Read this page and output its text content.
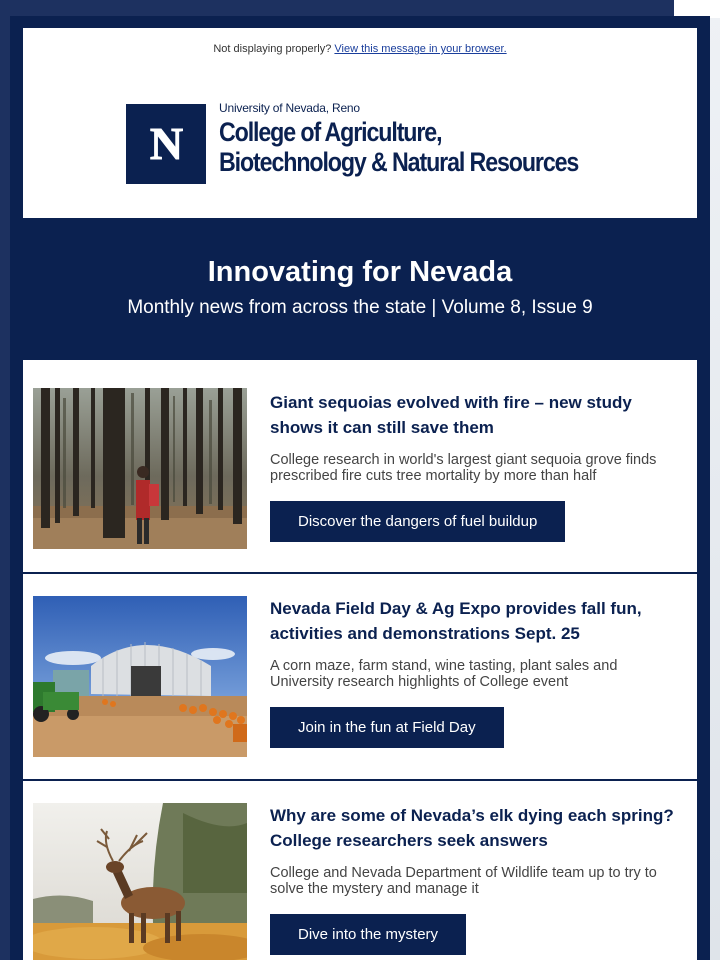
Not displaying properly? View this message in your browser.
N
University of Nevada, Reno
College of Agriculture,
Biotechnology & Natural Resources
Innovating for Nevada
Monthly news from across the state | Volume 8, Issue 9
Giant sequoias evolved with fire – new study shows it can still save them
College research in world's largest giant sequoia grove finds prescribed fire cuts tree mortality by more than half
Discover the dangers of fuel buildup
Nevada Field Day & Ag Expo provides fall fun, activities and demonstrations Sept. 25
A corn maze, farm stand, wine tasting, plant sales and University research highlights of College event
Join in the fun at Field Day
Why are some of Nevada’s elk dying each spring? College researchers seek answers
College and Nevada Department of Wildlife team up to try to solve the mystery and manage it
Dive into the mystery
